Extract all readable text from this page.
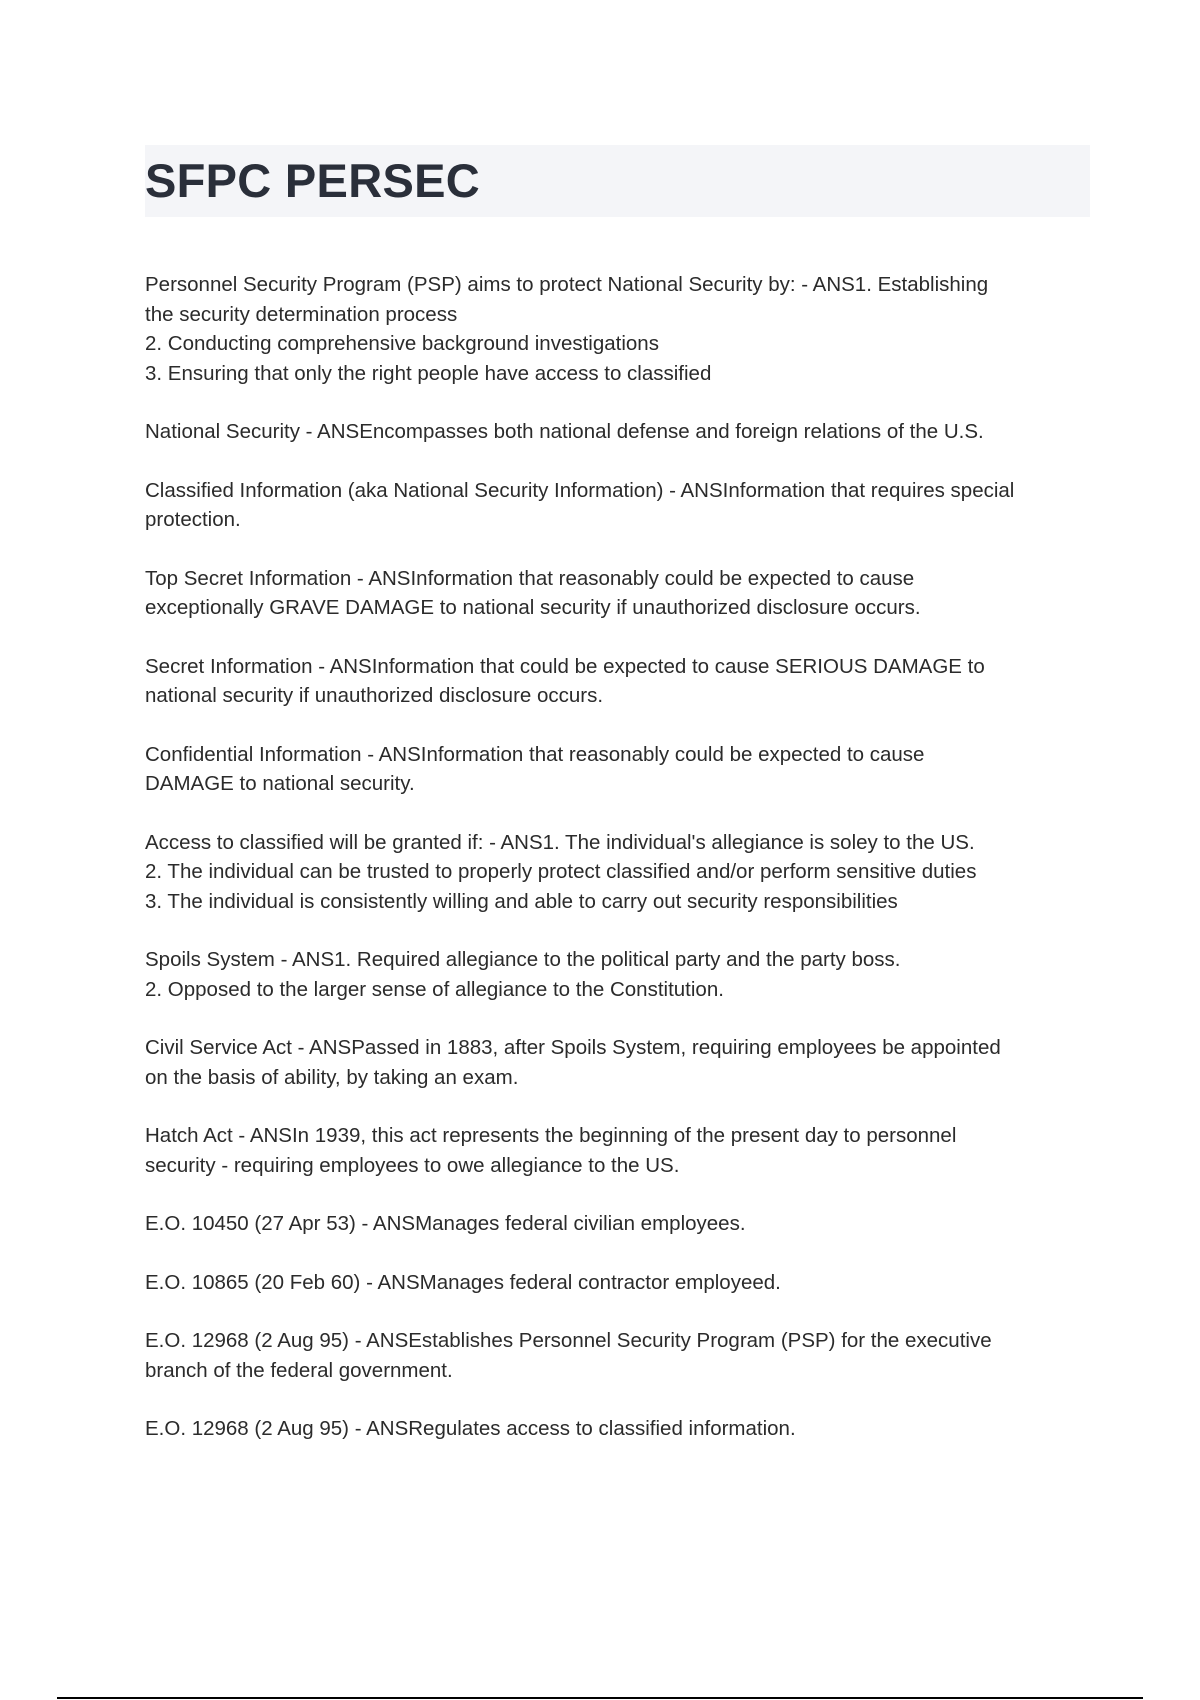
SFPC PERSEC

Personnel Security Program (PSP) aims to protect National Security by: - ANS1. Establishing
the security determination process
2. Conducting comprehensive background investigations
3. Ensuring that only the right people have access to classified

National Security - ANSEncompasses both national defense and foreign relations of the U.S.

Classified Information (aka National Security Information) - ANSInformation that requires special
protection.

Top Secret Information - ANSInformation that reasonably could be expected to cause
exceptionally GRAVE DAMAGE to national security if unauthorized disclosure occurs.

Secret Information - ANSInformation that could be expected to cause SERIOUS DAMAGE to
national security if unauthorized disclosure occurs.

Confidential Information - ANSInformation that reasonably could be expected to cause
DAMAGE to national security.

Access to classified will be granted if: - ANS1. The individual's allegiance is soley to the US.
2. The individual can be trusted to properly protect classified and/or perform sensitive duties
3. The individual is consistently willing and able to carry out security responsibilities

Spoils System - ANS1. Required allegiance to the political party and the party boss.
2. Opposed to the larger sense of allegiance to the Constitution.

Civil Service Act - ANSPassed in 1883, after Spoils System, requiring employees be appointed
on the basis of ability, by taking an exam.

Hatch Act - ANSIn 1939, this act represents the beginning of the present day to personnel
security - requiring employees to owe allegiance to the US.

E.O. 10450 (27 Apr 53) - ANSManages federal civilian employees.

E.O. 10865 (20 Feb 60) - ANSManages federal contractor employeed.

E.O. 12968 (2 Aug 95) - ANSEstablishes Personnel Security Program (PSP) for the executive
branch of the federal government.

E.O. 12968 (2 Aug 95) - ANSRegulates access to classified information.
